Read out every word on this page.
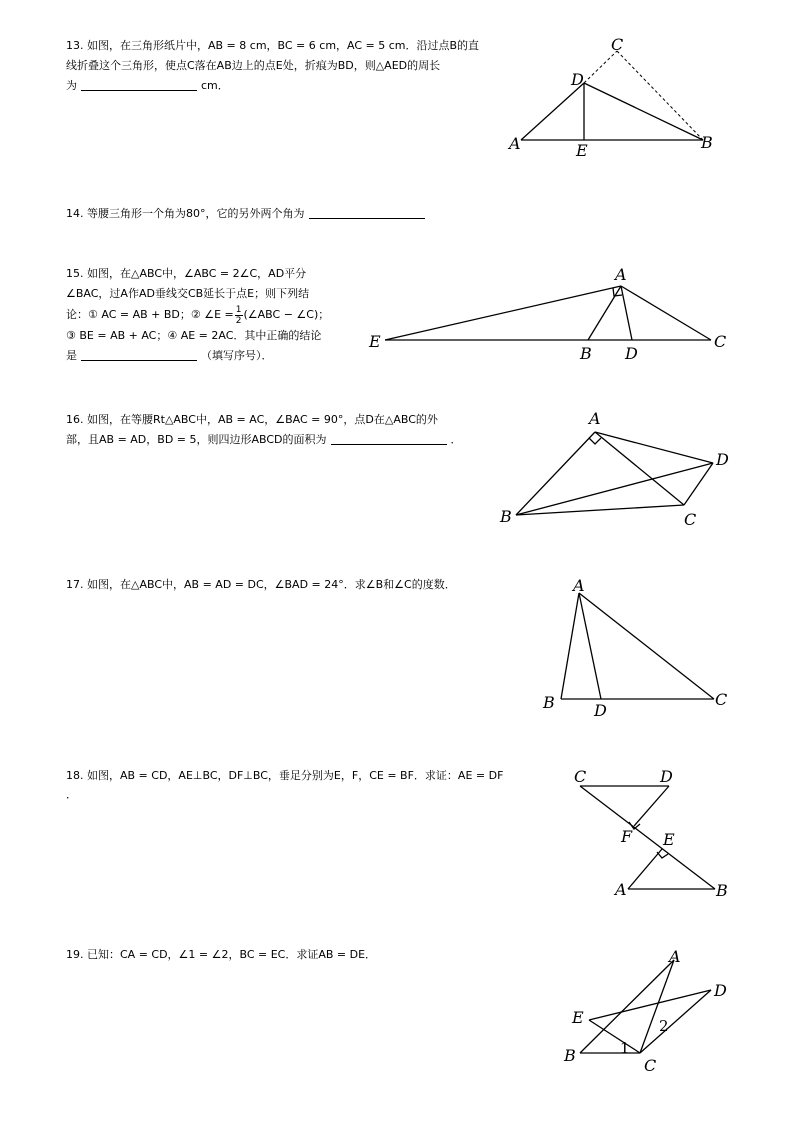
13. 如图，在三角形纸片中，AB = 8 cm，BC = 6 cm，AC = 5 cm．沿过点B的直

线折叠这个三角形，使点C落在AB边上的点E处，折痕为BD，则△AED的周长

为	cm．

C
D
A	E	B

14. 等腰三角形一个角为80°，它的另外两个角为

15. 如图，在△ABC中，∠ABC = 2∠C，AD平分

∠BAC，过A作AD垂线交CB延长于点E；则下列结

论：① AC = AB + BD；② ∠E = $\frac{1}{2}$ (∠ABC − ∠C)；

③ BE = AB + AC；④ AE = 2AC．其中正确的结论

是	（填写序号）．

A
E
B D
C

16. 如图，在等腰Rt△ABC中，AB = AC，∠BAC = 90°，点D在△ABC的外

部，且AB = AD，BD = 5，则四边形ABCD的面积为	．

A
D
B	C

17. 如图，在△ABC中，AB = AD = DC，∠BAD = 24°．求∠B和∠C的度数．	A
B D
C

18. 如图，AB = CD，AE⊥BC，DF⊥BC，垂足分别为E，F，CE = BF．求证：AE = DF

．

C	D
F E
A	B

19. 已知：CA = CD，∠1 = ∠2，BC = EC．求证AB = DE．	A
D
E	2
1
B
C
